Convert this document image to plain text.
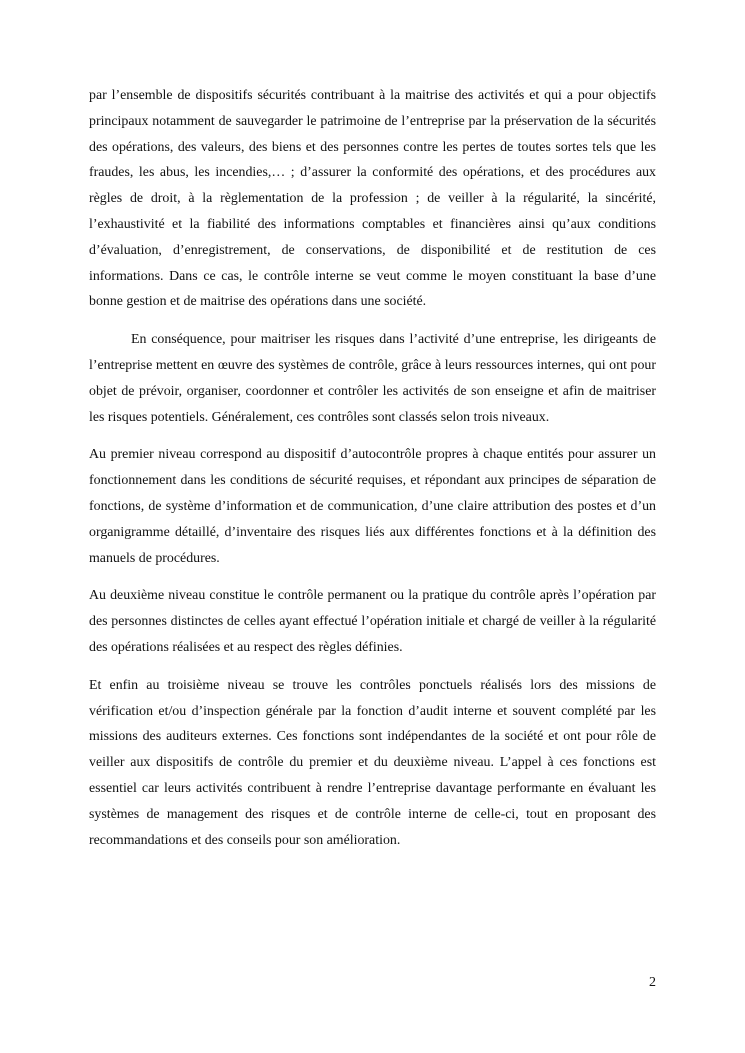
par l’ensemble de dispositifs sécurités contribuant à la maitrise des activités et qui a pour objectifs principaux notamment de sauvegarder le patrimoine de l’entreprise par la préservation de la sécurités des opérations, des valeurs, des biens et des personnes contre les pertes de toutes sortes tels que les fraudes, les abus, les incendies,… ; d’assurer la conformité des opérations, et des procédures aux règles de droit, à la règlementation de la profession ; de veiller à la régularité, la sincérité, l’exhaustivité et la fiabilité des informations comptables et financières ainsi qu’aux conditions d’évaluation, d’enregistrement, de conservations, de disponibilité et de restitution de ces informations. Dans ce cas, le contrôle interne se veut comme le moyen constituant la base d’une bonne gestion et de maitrise des opérations dans une société.

En conséquence, pour maitriser les risques dans l’activité d’une entreprise, les dirigeants de l’entreprise mettent en œuvre des systèmes de contrôle, grâce à leurs ressources internes, qui ont pour objet de prévoir, organiser, coordonner et contrôler les activités de son enseigne et afin de maitriser les risques potentiels. Généralement, ces contrôles sont classés selon trois niveaux.

Au premier niveau correspond au dispositif d’autocontrôle propres à chaque entités pour assurer un fonctionnement dans les conditions de sécurité requises, et répondant aux principes de séparation de fonctions, de système d’information et de communication, d’une claire attribution des postes et d’un organigramme détaillé, d’inventaire des risques liés aux différentes fonctions et à la définition des manuels de procédures.

Au deuxième niveau constitue le contrôle permanent ou la pratique du contrôle après l’opération par des personnes distinctes de celles ayant effectué l’opération initiale et chargé de veiller à la régularité des opérations réalisées et au respect des règles définies.

Et enfin au troisième niveau se trouve les contrôles ponctuels réalisés lors des missions de vérification et/ou d’inspection générale par la fonction d’audit interne et souvent complété par les missions des auditeurs externes. Ces fonctions sont indépendantes de la société et ont pour rôle de veiller aux dispositifs de contrôle du premier et du deuxième niveau. L’appel à ces fonctions est essentiel car leurs activités contribuent à rendre l’entreprise davantage performante en évaluant les systèmes de management des risques et de contrôle interne de celle-ci, tout en proposant des recommandations et des conseils pour son amélioration.

2
